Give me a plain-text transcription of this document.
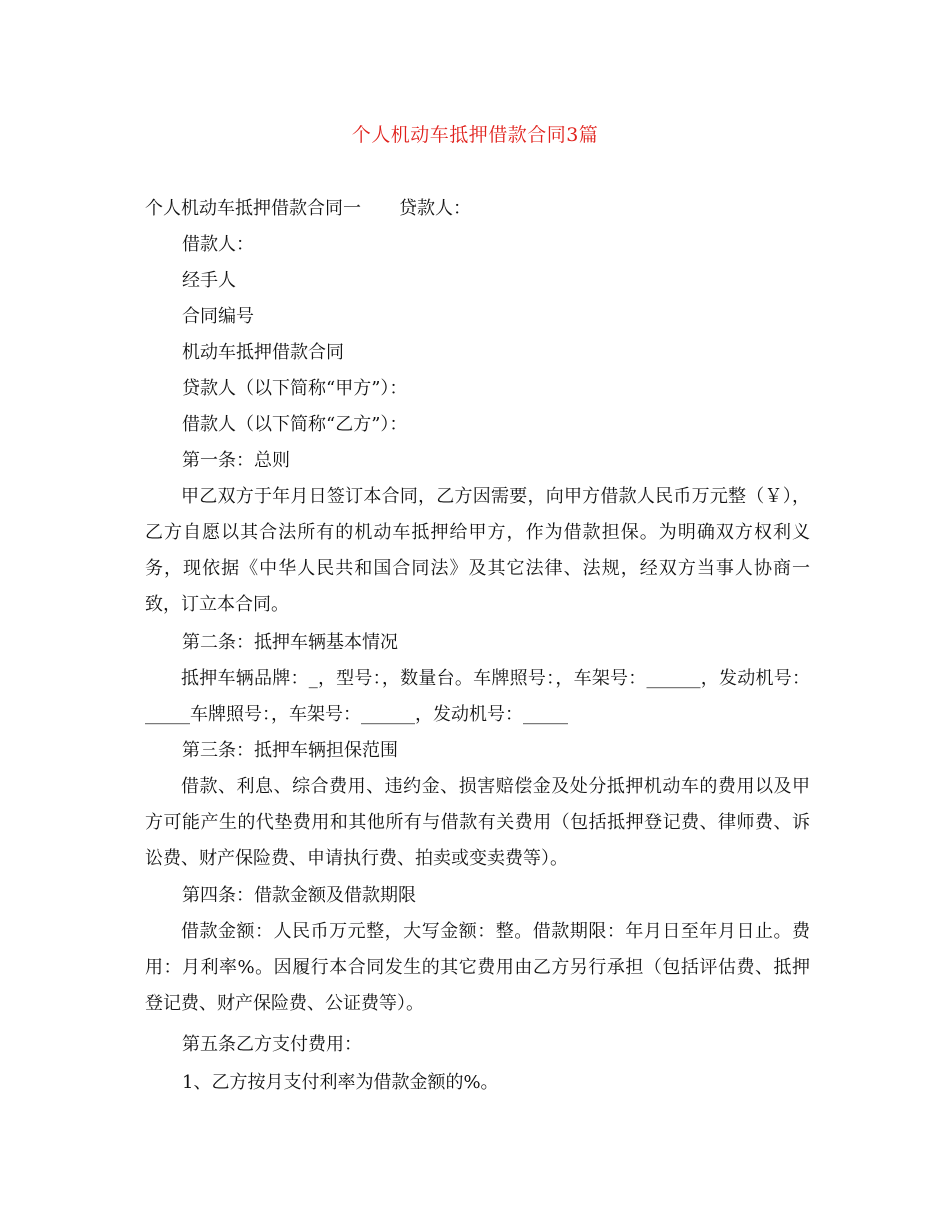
个人机动车抵押借款合同3篇
个人机动车抵押借款合同一 贷款人：
借款人：
经手人
合同编号
机动车抵押借款合同
贷款人（以下简称“甲方”）：
借款人（以下简称“乙方”）：
第一条：总则
甲乙双方于年月日签订本合同，乙方因需要，向甲方借款人民币万元整（￥），乙方自愿以其合法所有的机动车抵押给甲方，作为借款担保。为明确双方权利义务，现依据《中华人民共和国合同法》及其它法律、法规，经双方当事人协商一致，订立本合同。
第二条：抵押车辆基本情况
抵押车辆品牌：_，型号：，数量台。车牌照号：，车架号：______，发动机号：_____车牌照号：，车架号：______，发动机号：_____
第三条：抵押车辆担保范围
借款、利息、综合费用、违约金、损害赔偿金及处分抵押机动车的费用以及甲方可能产生的代垫费用和其他所有与借款有关费用（包括抵押登记费、律师费、诉讼费、财产保险费、申请执行费、拍卖或变卖费等）。
第四条：借款金额及借款期限
借款金额：人民币万元整，大写金额：整。借款期限：年月日至年月日止。费用：月利率%。因履行本合同发生的其它费用由乙方另行承担（包括评估费、抵押登记费、财产保险费、公证费等）。
第五条乙方支付费用：
1、乙方按月支付利率为借款金额的%。
